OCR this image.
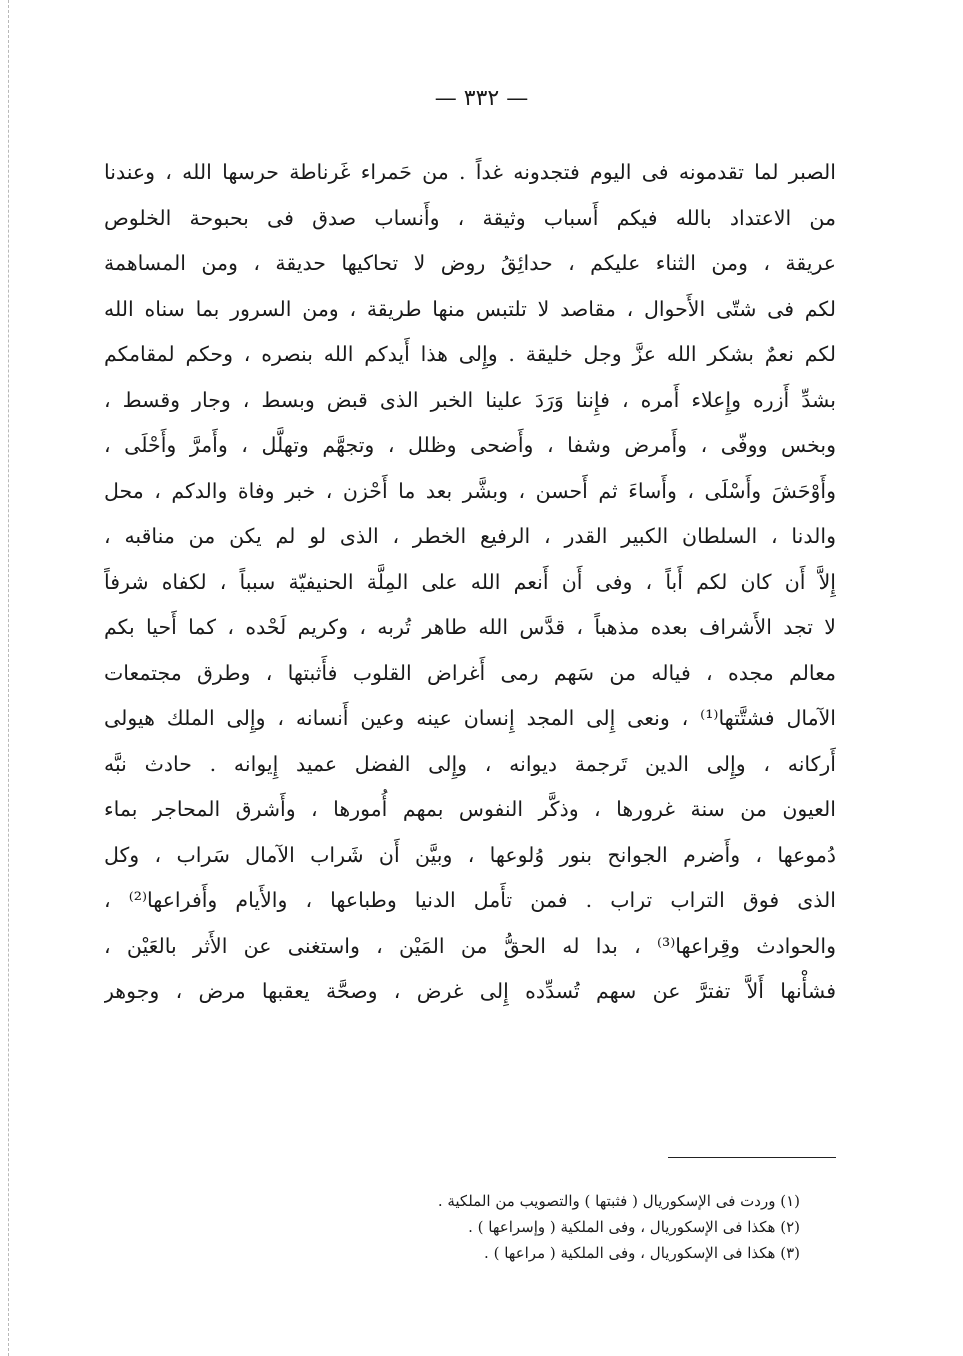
— ٣٣٢ —
الصبر لما تقدمونه فى اليوم فتجدونه غداً . من حَمراء غَرناطة حرسها الله ، وعندنا
من الاعتداد بالله فيكم أَسباب وثيقة ، وأَنساب صدق فى بحبوحة الخلوص
عريقة ، ومن الثناء عليكم ، حدائِقُ روض لا تحاكيها حديقة ، ومن المساهمة
لكم فى شتّى الأَحوال ، مقاصد لا تلتبس منها طريقة ، ومن السرور بما سناه الله
لكم نعمٌ بشكر الله عزَّ وجل خليقة . وإِلى هذا أَيدكم الله بنصره ، وحكم لمقامكم
بشدِّ أَزره وإِعلاء أَمره ، فإِننا وَرَدَ علينا الخبر الذى قبض وبسط ، وجار وقسط ،
وبخس ووفّى ، وأَمرض وشفا ، وأَضحى وظلل ، وتجهَّم وتهلَّل ، وأَمرَّ وأَحْلَى ،
وأَوْحَشَ وأَسْلَى ، وأَساءَ ثم أَحسن ، وبشَّر بعد ما أَحْزن ، خبر وفاة والدكم ، محل
والدنا ، السلطان الكبير القدر ، الرفيع الخطر ، الذى لو لم يكن من مناقبه ،
إِلاَّ أَن كان لكم أَباً ، وفى أَن أَنعم الله على المِلَّة الحنيفيّة سبباً ، لكفاه شرفاً
لا تجد الأَشراف بعده مذهباً ، قدَّس الله طاهر تُربه ، وكريم لَحْده ، كما أَحيا بكم
معالم مجده ، فياله من سَهم رمى أَغراض القلوب فأَثبتها ، وطرق مجتمعات
الآمال فشتَّتها⁽¹⁾ ، ونعى إِلى المجد إِنسان عينه وعين أَنسانه ، وإِلى الملك هيولى
أَركانه ، وإِلى الدين تَرجمة ديوانه ، وإِلى الفضل عميد إِيوانه . حادث نبَّه
العيون من سنة غرورها ، وذكَّر النفوس بمهم أُمورها ، وأَشرق المحاجر بماء
دُموعها ، وأَضرم الجوانح بنور وُلوعها ، وبيَّن أَن شَراب الآمال سَراب ، وكل
الذى فوق التراب تراب . فمن تأَمل الدنيا وطباعها ، والأَيام وأَفراعها⁽²⁾ ،
والحوادث وقِراعها⁽³⁾ ، بدا له الحقُّ من المَيْن ، واستغنى عن الأَثر بالعَيْن ،
فشأْنها أَلاَّ تفترَّ عن سهم تُسدِّده إِلى غرض ، وصحَّة يعقبها مرض ، وجوهر
(١) وردت فى الإسكوريال ( فثبتها ) والتصويب من الملكية .
(٢) هكذا فى الإسكوريال ، وفى الملكية ( وإسراعها ) .
(٣) هكذا فى الإسكوريال ، وفى الملكية ( مراعها ) .
